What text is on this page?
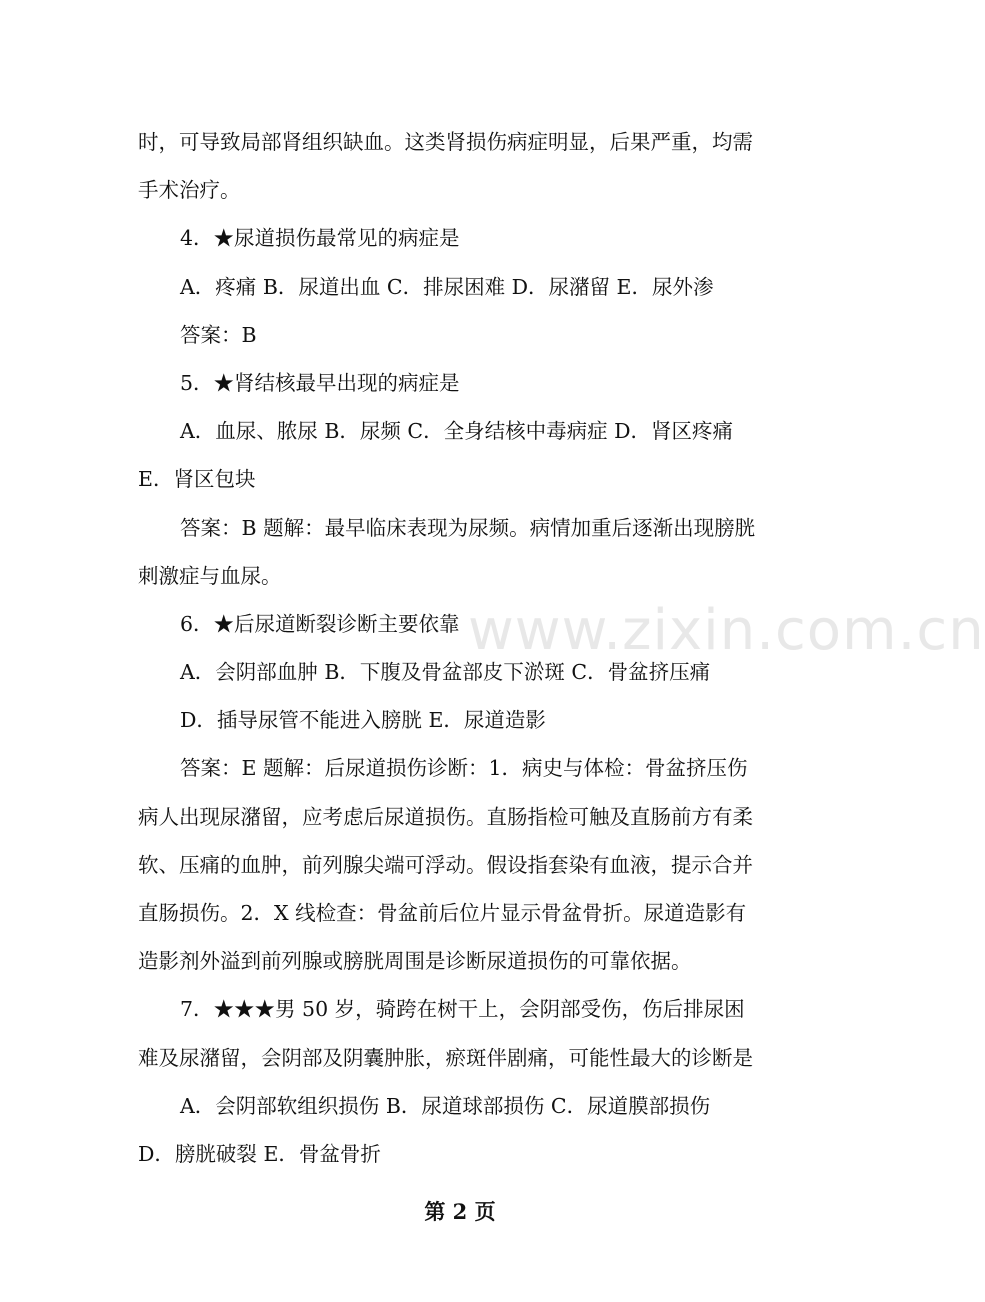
www.zixin.com.cn
时，可导致局部肾组织缺血。这类肾损伤病症明显，后果严重，均需
手术治疗。
4．★尿道损伤最常见的病症是
A．疼痛 B．尿道出血 C．排尿困难 D．尿潴留 E．尿外渗
答案：B
5．★肾结核最早出现的病症是
A．血尿、脓尿 B．尿频 C．全身结核中毒病症 D．肾区疼痛
E．肾区包块
答案：B 题解：最早临床表现为尿频。病情加重后逐渐出现膀胱
刺激症与血尿。
6．★后尿道断裂诊断主要依靠
A．会阴部血肿 B．下腹及骨盆部皮下淤斑 C．骨盆挤压痛
D．插导尿管不能进入膀胱 E．尿道造影
答案：E 题解：后尿道损伤诊断：1．病史与体检：骨盆挤压伤
病人出现尿潴留，应考虑后尿道损伤。直肠指检可触及直肠前方有柔
软、压痛的血肿，前列腺尖端可浮动。假设指套染有血液，提示合并
直肠损伤。2．X 线检查：骨盆前后位片显示骨盆骨折。尿道造影有
造影剂外溢到前列腺或膀胱周围是诊断尿道损伤的可靠依据。
7．★★★男 50 岁，骑跨在树干上，会阴部受伤，伤后排尿困
难及尿潴留，会阴部及阴囊肿胀，瘀斑伴剧痛，可能性最大的诊断是
A．会阴部软组织损伤 B．尿道球部损伤 C．尿道膜部损伤
D．膀胱破裂 E．骨盆骨折
第 2 页
